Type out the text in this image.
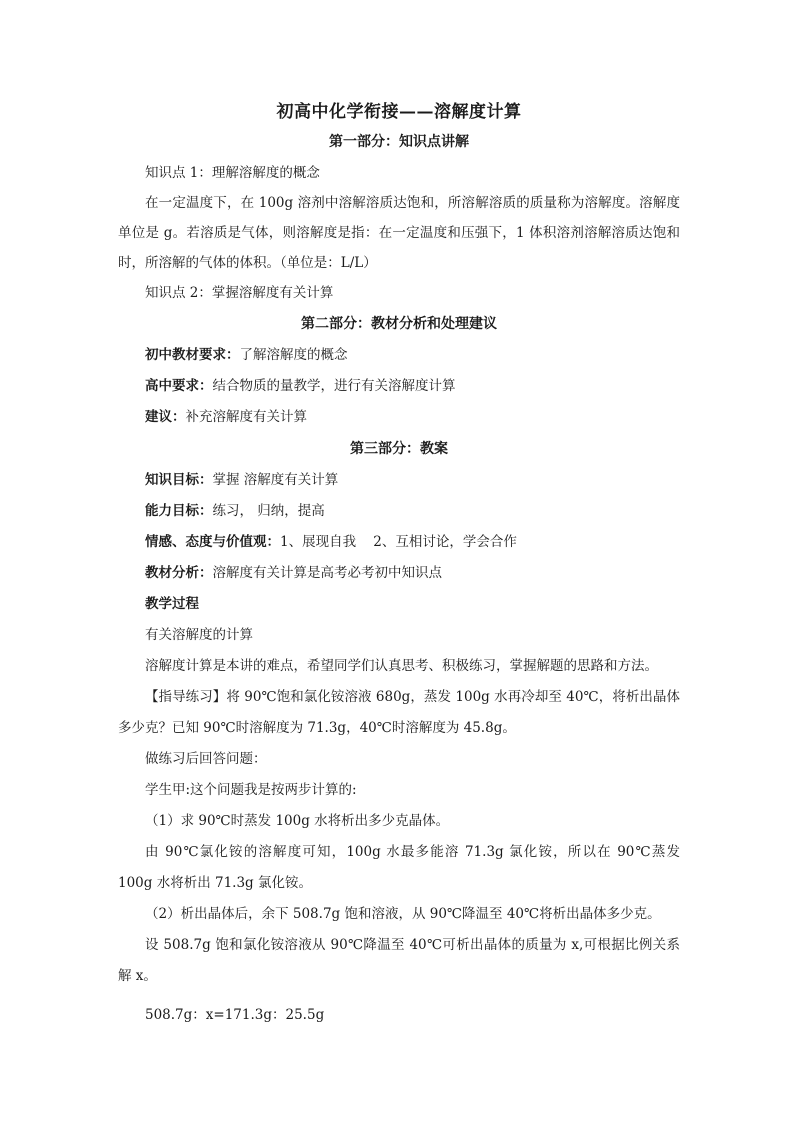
初高中化学衔接——溶解度计算
第一部分：知识点讲解

知识点 1：理解溶解度的概念

在一定温度下，在 100g 溶剂中溶解溶质达饱和，所溶解溶质的质量称为溶解度。溶解度单位是 g。若溶质是气体，则溶解度是指：在一定温度和压强下，1 体积溶剂溶解溶质达饱和时，所溶解的气体的体积。（单位是：L/L）

知识点 2：掌握溶解度有关计算

第二部分：教材分析和处理建议

初中教材要求：了解溶解度的概念

高中要求：结合物质的量教学，进行有关溶解度计算

建议：补充溶解度有关计算

第三部分：教案

知识目标：掌握 溶解度有关计算

能力目标：练习， 归纳，提高

情感、态度与价值观：1、展现自我    2、互相讨论，学会合作

教材分析：溶解度有关计算是高考必考初中知识点

教学过程

有关溶解度的计算

溶解度计算是本讲的难点，希望同学们认真思考、积极练习，掌握解题的思路和方法。

【指导练习】将 90℃饱和氯化铵溶液 680g，蒸发 100g 水再冷却至 40℃，将析出晶体多少克？已知 90℃时溶解度为 71.3g，40℃时溶解度为 45.8g。

做练习后回答问题：

学生甲:这个问题我是按两步计算的:

（1）求 90℃时蒸发 100g 水将析出多少克晶体。

由 90℃氯化铵的溶解度可知，100g 水最多能溶 71.3g 氯化铵，所以在 90℃蒸发 100g 水将析出 71.3g 氯化铵。

（2）析出晶体后，余下 508.7g 饱和溶液，从 90℃降温至 40℃将析出晶体多少克。

设 508.7g 饱和氯化铵溶液从 90℃降温至 40℃可析出晶体的质量为 x,可根据比例关系解 x。

508.7g：x=171.3g：25.5g
